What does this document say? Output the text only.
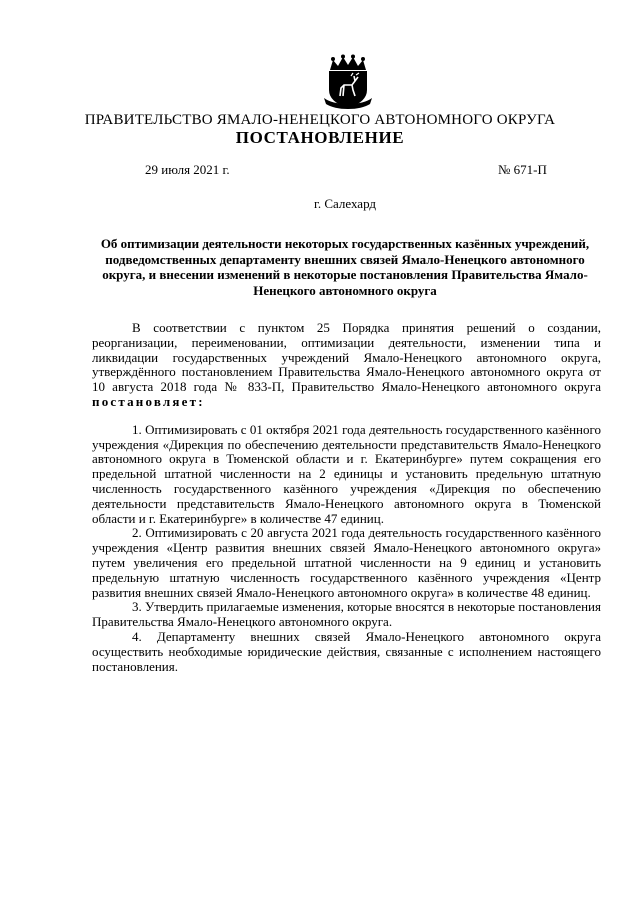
ПРАВИТЕЛЬСТВО ЯМАЛО-НЕНЕЦКОГО АВТОНОМНОГО ОКРУГА
ПОСТАНОВЛЕНИЕ
29 июля 2021 г.	№ 671-П
г. Салехард
Об оптимизации деятельности некоторых государственных казённых учреждений, подведомственных департаменту внешних связей Ямало-Ненецкого автономного округа, и внесении изменений в некоторые постановления Правительства Ямало-Ненецкого автономного округа

В соответствии с пунктом 25 Порядка принятия решений о создании, реорганизации, переименовании, оптимизации деятельности, изменении типа и ликвидации государственных учреждений Ямало-Ненецкого автономного округа, утверждённого постановлением Правительства Ямало-Ненецкого автономного округа от 10 августа 2018 года № 833-П, Правительство Ямало-Ненецкого автономного округа постановляет:

1. Оптимизировать с 01 октября 2021 года деятельность государственного казённого учреждения «Дирекция по обеспечению деятельности представительств Ямало-Ненецкого автономного округа в Тюменской области и г. Екатеринбурге» путем сокращения его предельной штатной численности на 2 единицы и установить предельную штатную численность государственного казённого учреждения «Дирекция по обеспечению деятельности представительств Ямало-Ненецкого автономного округа в Тюменской области и г. Екатеринбурге» в количестве 47 единиц.

2. Оптимизировать с 20 августа 2021 года деятельность государственного казённого учреждения «Центр развития внешних связей Ямало-Ненецкого автономного округа» путем увеличения его предельной штатной численности на 9 единиц и установить предельную штатную численность государственного казённого учреждения «Центр развития внешних связей Ямало-Ненецкого автономного округа» в количестве 48 единиц.

3. Утвердить прилагаемые изменения, которые вносятся в некоторые постановления Правительства Ямало-Ненецкого автономного округа.

4. Департаменту внешних связей Ямало-Ненецкого автономного округа осуществить необходимые юридические действия, связанные с исполнением настоящего постановления.
